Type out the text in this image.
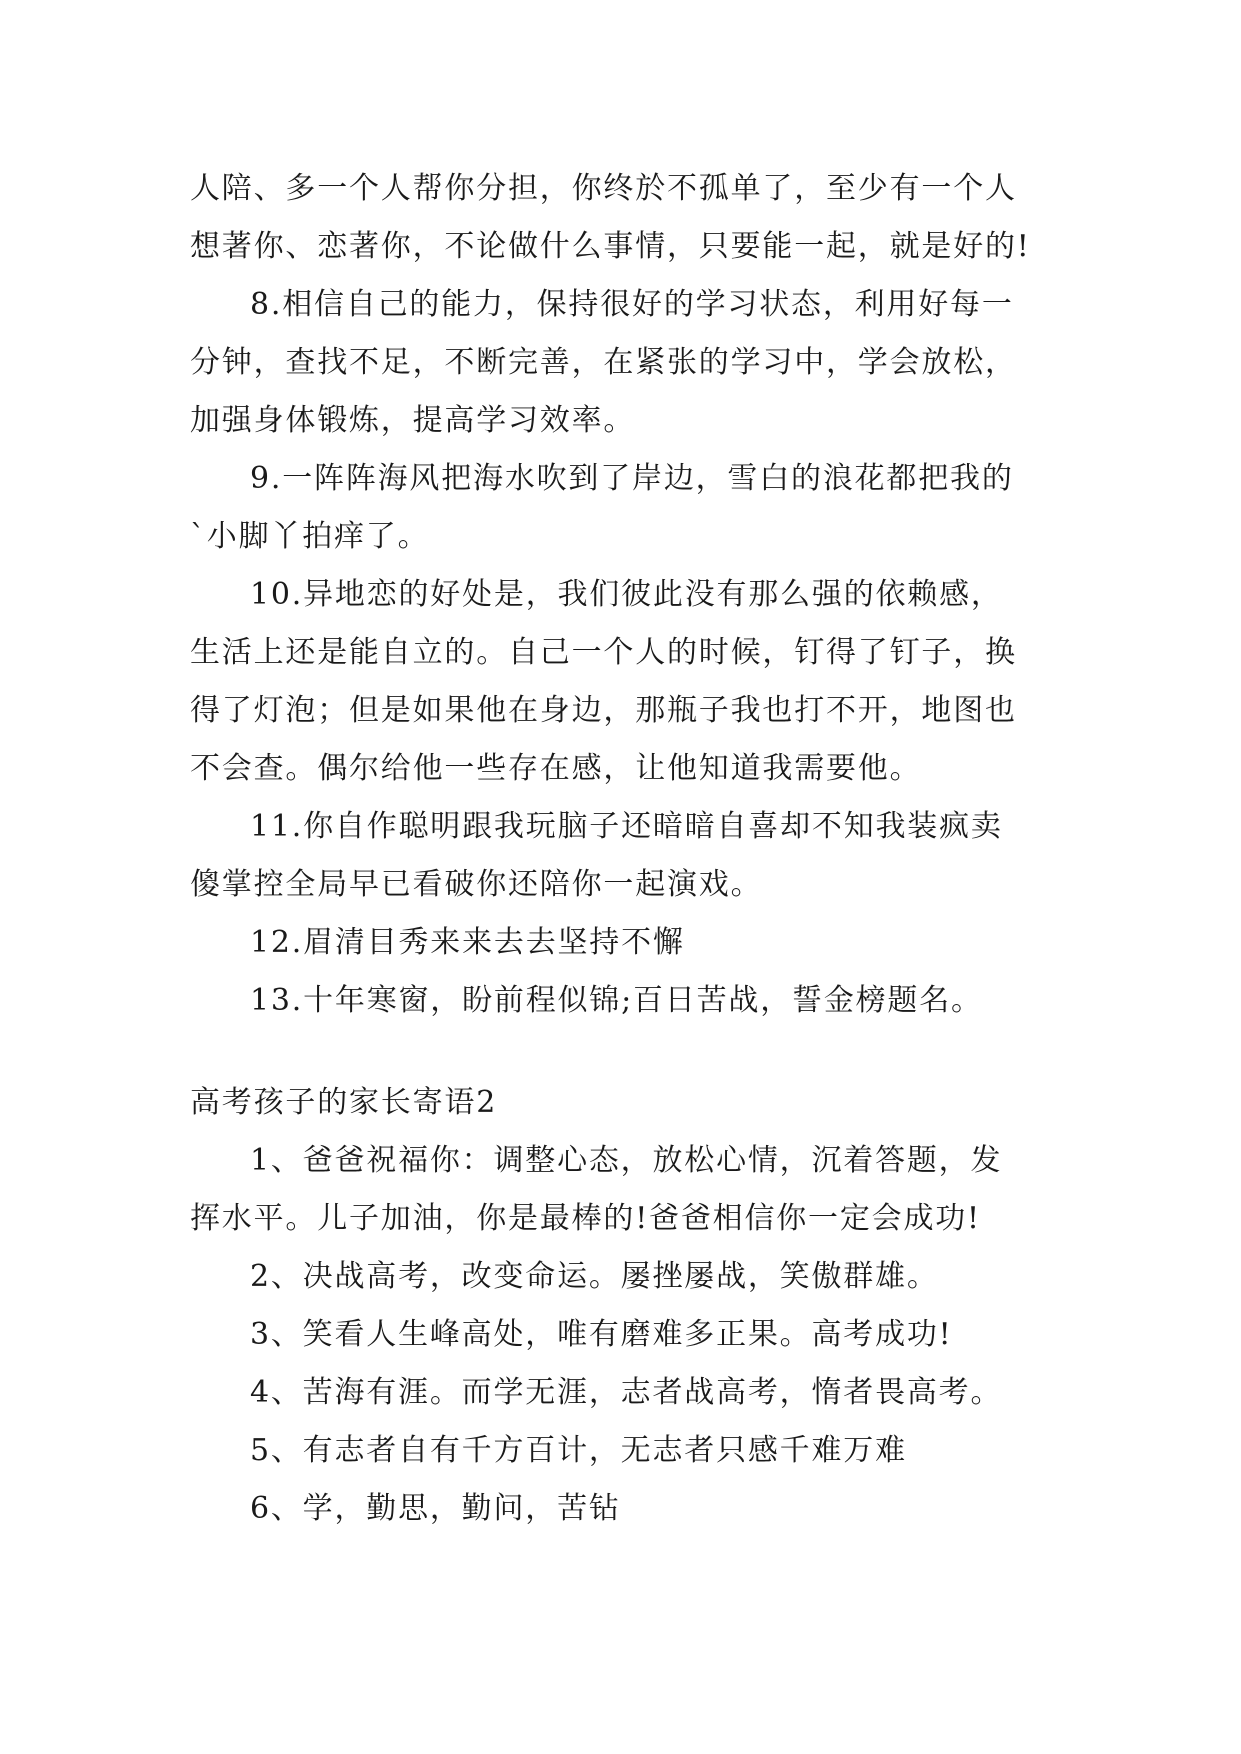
人陪、多一个人帮你分担，你终於不孤单了，至少有一个人
想著你、恋著你，不论做什么事情，只要能一起，就是好的!
8.相信自己的能力，保持很好的学习状态，利用好每一
分钟，查找不足，不断完善，在紧张的学习中，学会放松，
加强身体锻炼，提高学习效率。
9.一阵阵海风把海水吹到了岸边，雪白的浪花都把我的
`小脚丫拍痒了。
10.异地恋的好处是，我们彼此没有那么强的依赖感，
生活上还是能自立的。自己一个人的时候，钉得了钉子，换
得了灯泡；但是如果他在身边，那瓶子我也打不开，地图也
不会查。偶尔给他一些存在感，让他知道我需要他。
11.你自作聪明跟我玩脑子还暗暗自喜却不知我装疯卖
傻掌控全局早已看破你还陪你一起演戏。
12.眉清目秀来来去去坚持不懈
13.十年寒窗，盼前程似锦;百日苦战，誓金榜题名。
高考孩子的家长寄语2
1、爸爸祝福你：调整心态，放松心情，沉着答题，发
挥水平。儿子加油，你是最棒的!爸爸相信你一定会成功!
2、决战高考，改变命运。屡挫屡战，笑傲群雄。
3、笑看人生峰高处，唯有磨难多正果。高考成功!
4、苦海有涯。而学无涯，志者战高考，惰者畏高考。
5、有志者自有千方百计，无志者只感千难万难
6、学，勤思，勤问，苦钻
